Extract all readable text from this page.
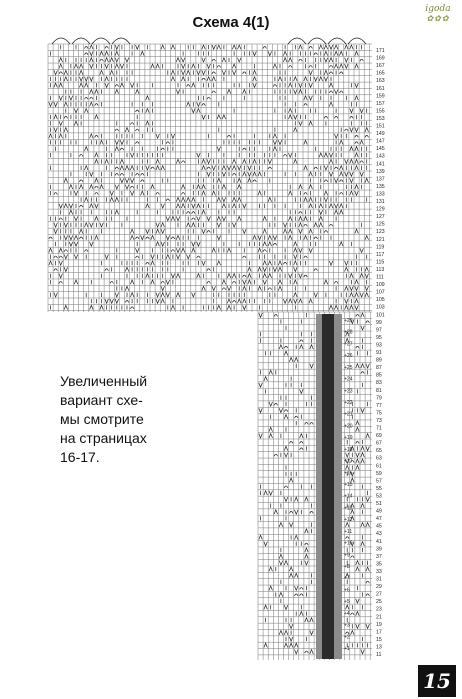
171
169
167
165
163
161
159
157
155
153
151
149
147
145
143
141
139
137
135
133
131
129
127
125
123
121
119
117
115
113
111
109
107
105
103
101
99
97
95
93
91
89
87
85
83
81
79
77
75
73
71
69
67
65
63
61
59
57
55
53
51
49
47
45
43
41
39
37
35
33
31
29
27
25
23
21
19
17
15
13
11
+29
+28
+27
+26
+25
+24
+23
+22
+21
+20
+19
+18
+17
+16
+15
+14
+13
+12
+11
+10
+9
+8
+7
+6
+5
+4
+3
+2
+1
Схема 4(1)
igoda
✿✿✿
Увеличенный
вариант схе-
мы смотрите
на страницах
16-17.
15
